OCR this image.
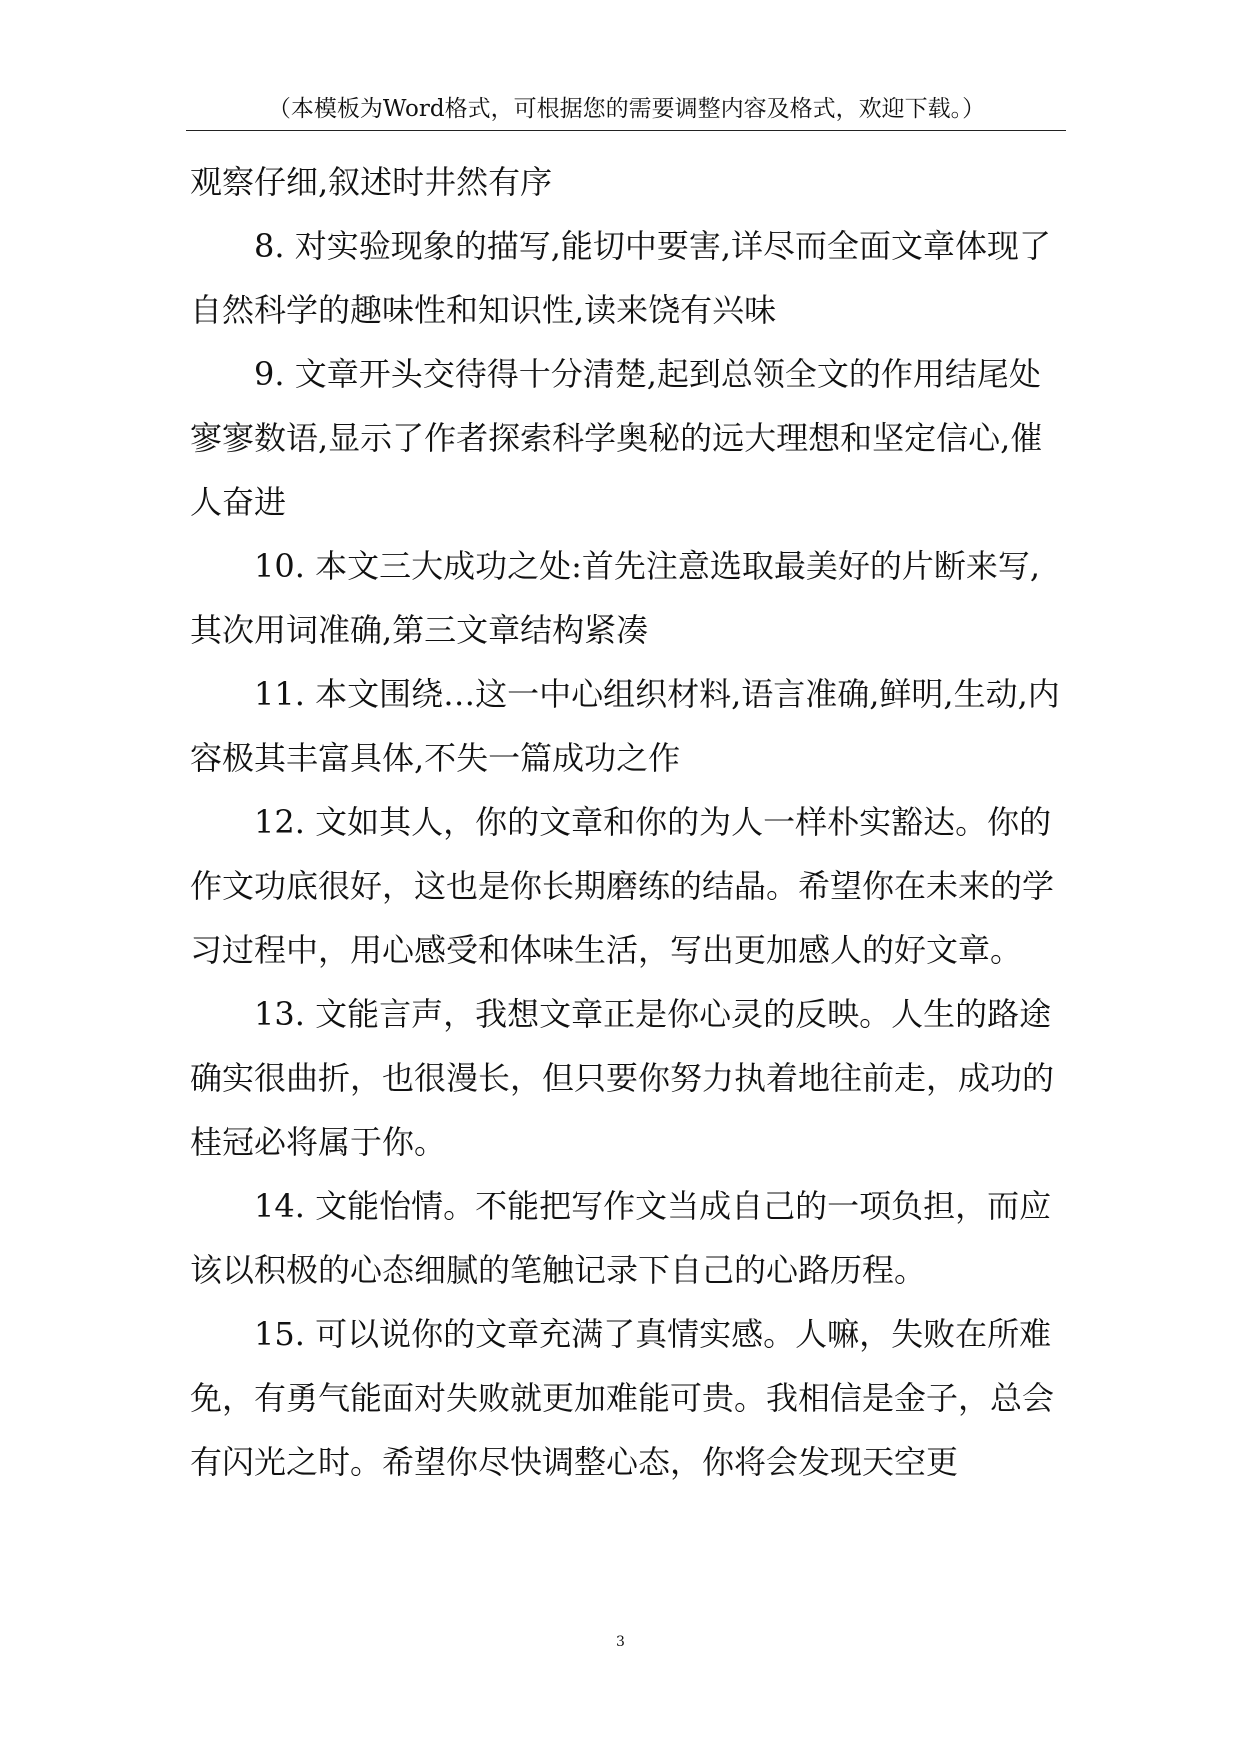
（本模板为Word格式，可根据您的需要调整内容及格式，欢迎下载。）

观察仔细,叙述时井然有序

8. 对实验现象的描写,能切中要害,详尽而全面文章体现了自然科学的趣味性和知识性,读来饶有兴味

9. 文章开头交待得十分清楚,起到总领全文的作用结尾处寥寥数语,显示了作者探索科学奥秘的远大理想和坚定信心,催人奋进

10. 本文三大成功之处:首先注意选取最美好的片断来写,其次用词准确,第三文章结构紧凑

11. 本文围绕…这一中心组织材料,语言准确,鲜明,生动,内容极其丰富具体,不失一篇成功之作

12. 文如其人，你的文章和你的为人一样朴实豁达。你的作文功底很好，这也是你长期磨练的结晶。希望你在未来的学习过程中，用心感受和体味生活，写出更加感人的好文章。

13. 文能言声，我想文章正是你心灵的反映。人生的路途确实很曲折，也很漫长，但只要你努力执着地往前走，成功的桂冠必将属于你。

14. 文能怡情。不能把写作文当成自己的一项负担，而应该以积极的心态细腻的笔触记录下自己的心路历程。

15. 可以说你的文章充满了真情实感。人嘛，失败在所难免，有勇气能面对失败就更加难能可贵。我相信是金子，总会有闪光之时。希望你尽快调整心态，你将会发现天空更

3
